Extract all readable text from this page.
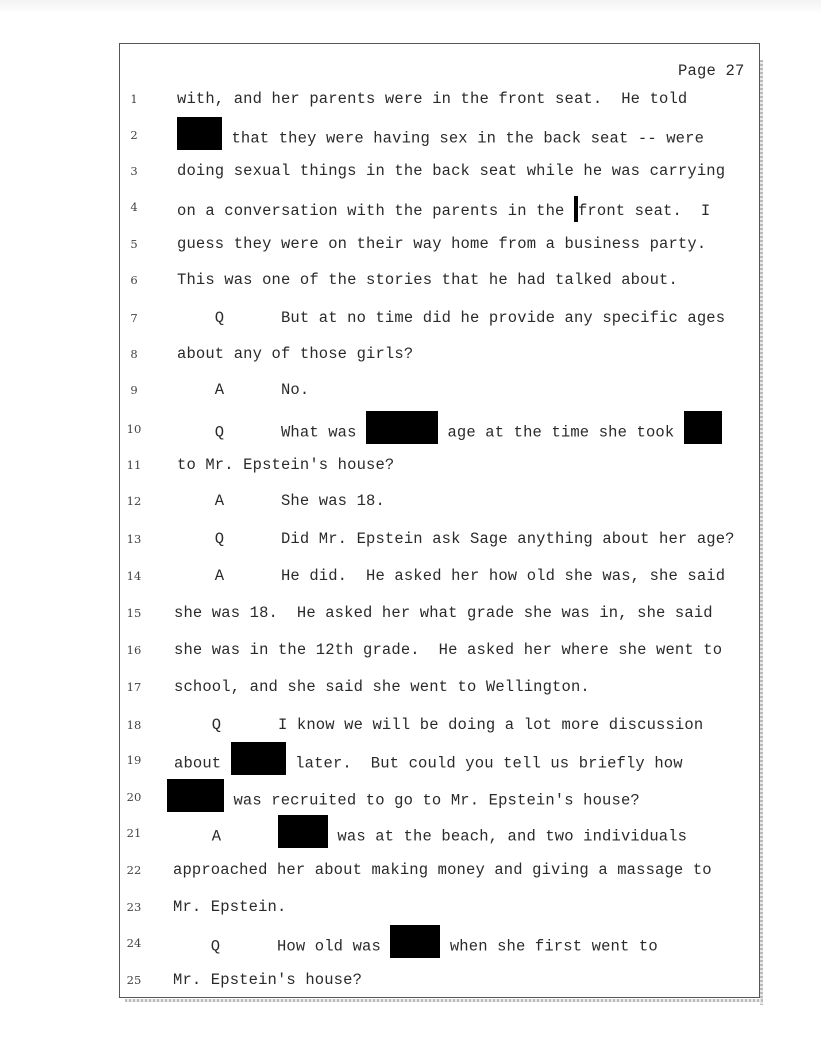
Page 27
1	with, and her parents were in the front seat.  He told
2	that they were having sex in the back seat -- were
3	doing sexual things in the back seat while he was carrying
4	on a conversation with the parents in the front seat.  I
5	guess they were on their way home from a business party.
6	This was one of the stories that he had talked about.
7	Q      But at no time did he provide any specific ages
8	about any of those girls?
9	A      No.
10	Q      What was	age at the time she took
11	to Mr. Epstein's house?
12	A      She was 18.
13	Q      Did Mr. Epstein ask Sage anything about her age?
14	A      He did.  He asked her how old she was, she said
15	she was 18.  He asked her what grade she was in, she said
16	she was in the 12th grade.  He asked her where she went to
17	school, and she said she went to Wellington.
18	Q      I know we will be doing a lot more discussion
19	about	later.  But could you tell us briefly how
20	was recruited to go to Mr. Epstein's house?
21	A	was at the beach, and two individuals
22	approached her about making money and giving a massage to
23	Mr. Epstein.
24	Q      How old was	when she first went to
25	Mr. Epstein's house?
